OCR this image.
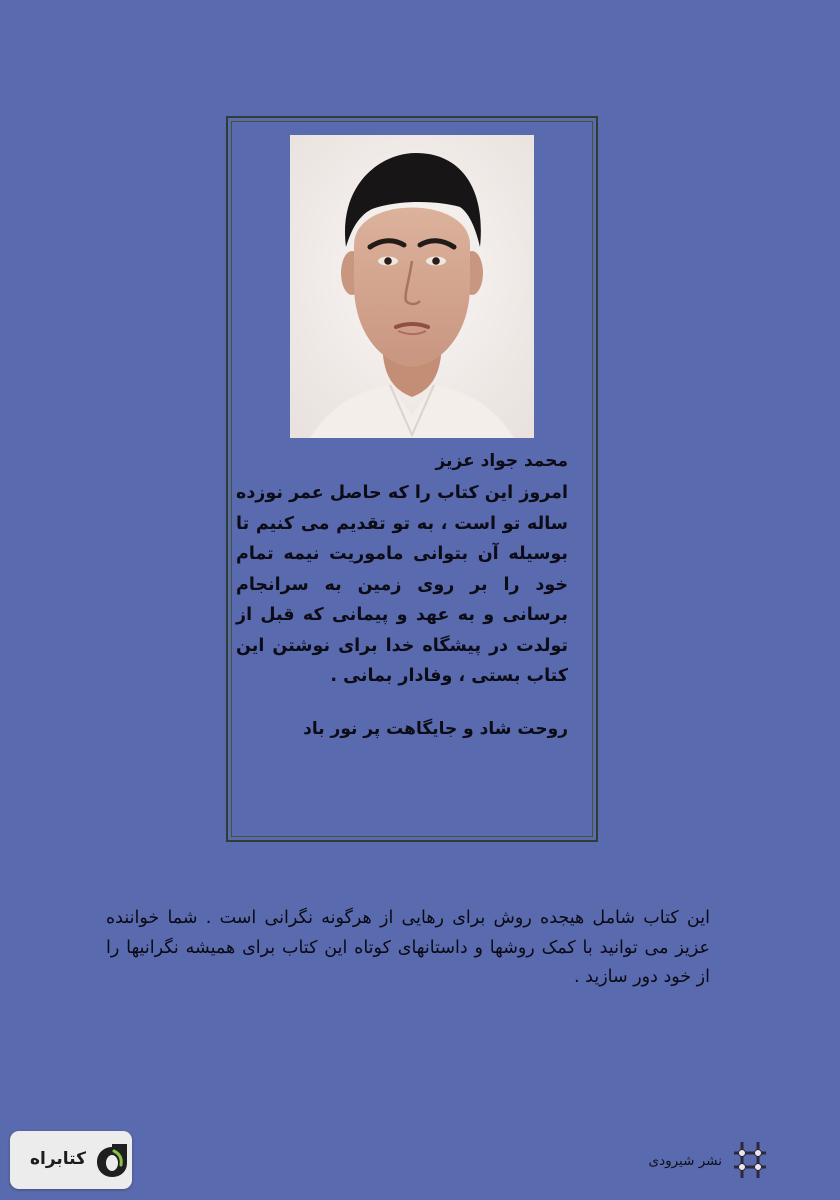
محمد جواد عزیز
امروز این کتاب را که حاصل عمر نوزده ساله تو است ، به تو تقدیم می کنیم تا بوسیله آن بتوانی ماموریت نیمه تمام خود را بر روی زمین به سرانجام برسانی و به عهد و پیمانی که قبل از تولدت در پیشگاه خدا برای نوشتن این کتاب بستی ، وفادار بمانی .
روحت شاد و جایگاهت پر نور باد
این کتاب شامل هیجده روش برای رهایی از هرگونه نگرانی است . شما خواننده عزیز می توانید با کمک روشها و داستانهای کوتاه این کتاب برای همیشه نگرانیها را از خود دور سازید .
نشر شیرودی
کتابراه
